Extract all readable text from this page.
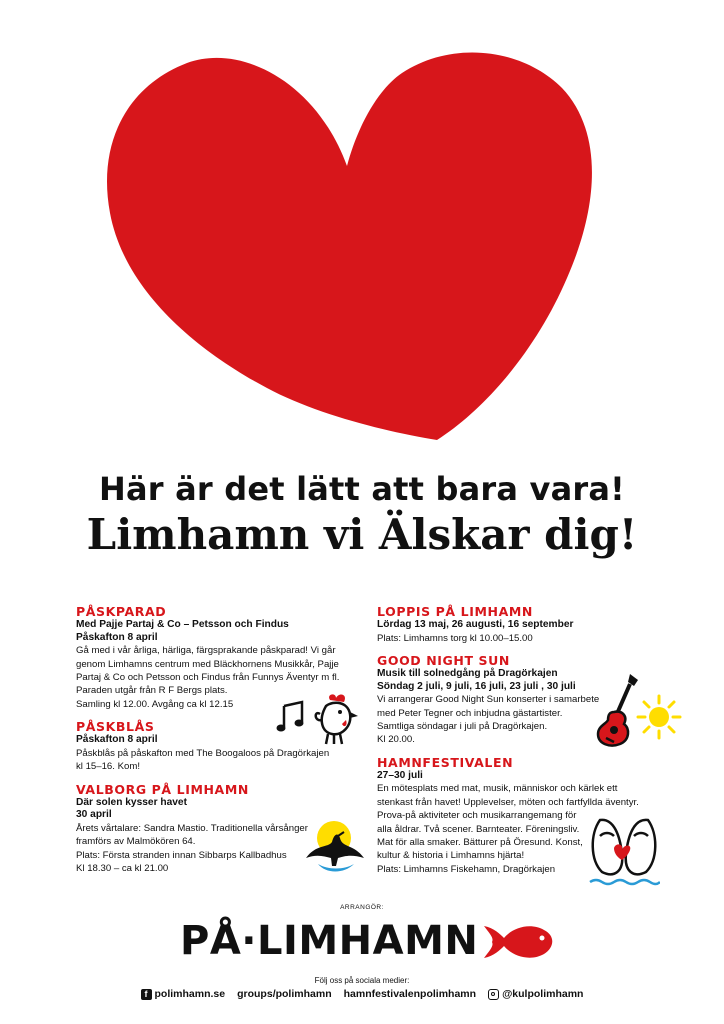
Här är det lätt att bara vara!
Limhamn vi Älskar dig!
PÅSKPARAD
Med Pajje Partaj & Co – Petsson och Findus
Påskafton 8 april

Gå med i vår årliga, härliga, färgsprakande påskparad! Vi går

genom Limhamns centrum med Bläckhornens Musikkår, Pajje

Partaj & Co och Petsson och Findus från Funnys Äventyr m fl.

Paraden utgår från R F Bergs plats.

Samling kl 12.00. Avgång ca kl 12.15

PÅSKBLÅS
Påskafton 8 april

Påskblås på påskafton med The Boogaloos på Dragörkajen

kl 15–16. Kom!

VALBORG PÅ LIMHAMN
Där solen kysser havet
30 april

Årets vårtalare: Sandra Mastio. Traditionella vårsånger

framförs av Malmökören 64.

Plats: Första stranden innan Sibbarps Kallbadhus

Kl 18.30 – ca kl 21.00

LOPPIS PÅ LIMHAMN
Lördag 13 maj, 26 augusti, 16 september

Plats: Limhamns torg kl 10.00–15.00

GOOD NIGHT SUN
Musik till solnedgång på Dragörkajen
Söndag 2 juli, 9 juli, 16 juli, 23 juli , 30 juli

Vi arrangerar Good Night Sun konserter i samarbete

med Peter Tegner och inbjudna gästartister.

Samtliga söndagar i juli på Dragörkajen.

Kl 20.00.

HAMNFESTIVALEN
27–30 juli

En mötesplats med mat, musik, människor och kärlek ett

stenkast från havet! Upplevelser, möten och fartfyllda äventyr.

Prova-på aktiviteter och musikarrangemang för

alla åldrar. Två scener. Barnteater. Föreningsliv.

Mat för alla smaker. Bätturer på Öresund. Konst,

kultur & historia i Limhamns hjärta!

Plats: Limhamns Fiskehamn, Dragörkajen

ARRANGÖR:
PÅ·LIMHAMN
Följ oss på sociala medier:
f polimhamn.se groups/polimhamn hamnfestivalenpolimhamn @kulpolimhamn
